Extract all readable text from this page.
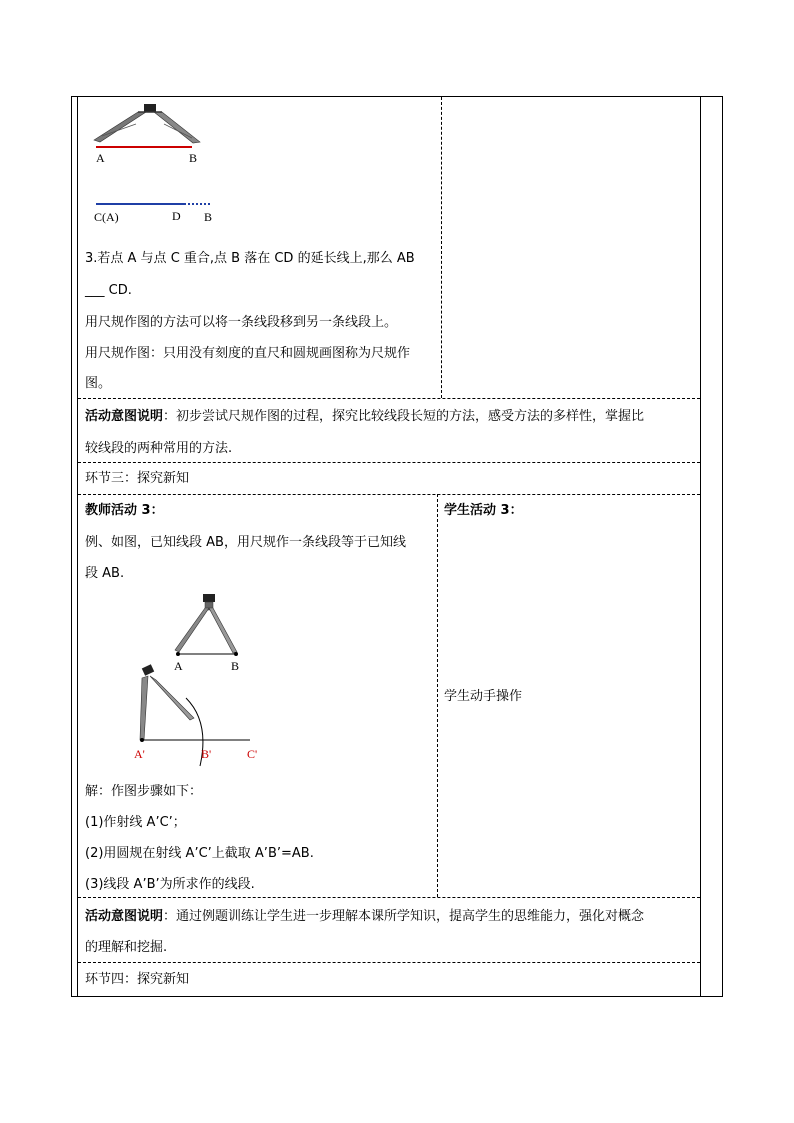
A	B
C(A)	D B
3.若点 A 与点 C 重合,点 B 落在 CD 的延长线上,那么 AB
___ CD.
用尺规作图的方法可以将一条线段移到另一条线段上。
用尺规作图：只用没有刻度的直尺和圆规画图称为尺规作
图。
活动意图说明：初步尝试尺规作图的过程，探究比较线段长短的方法，感受方法的多样性，掌握比
较线段的两种常用的方法.
环节三：探究新知
教师活动 3：
例、如图，已知线段 AB，用尺规作一条线段等于已知线
段 AB.
A	B
A'	B'	C'
解：作图步骤如下：
(1)作射线 A’C’；
(2)用圆规在射线 A’C’上截取 A’B’=AB.
(3)线段 A’B’为所求作的线段.
学生活动 3：
学生动手操作
活动意图说明：通过例题训练让学生进一步理解本课所学知识，提高学生的思维能力，强化对概念
的理解和挖掘.
环节四：探究新知
